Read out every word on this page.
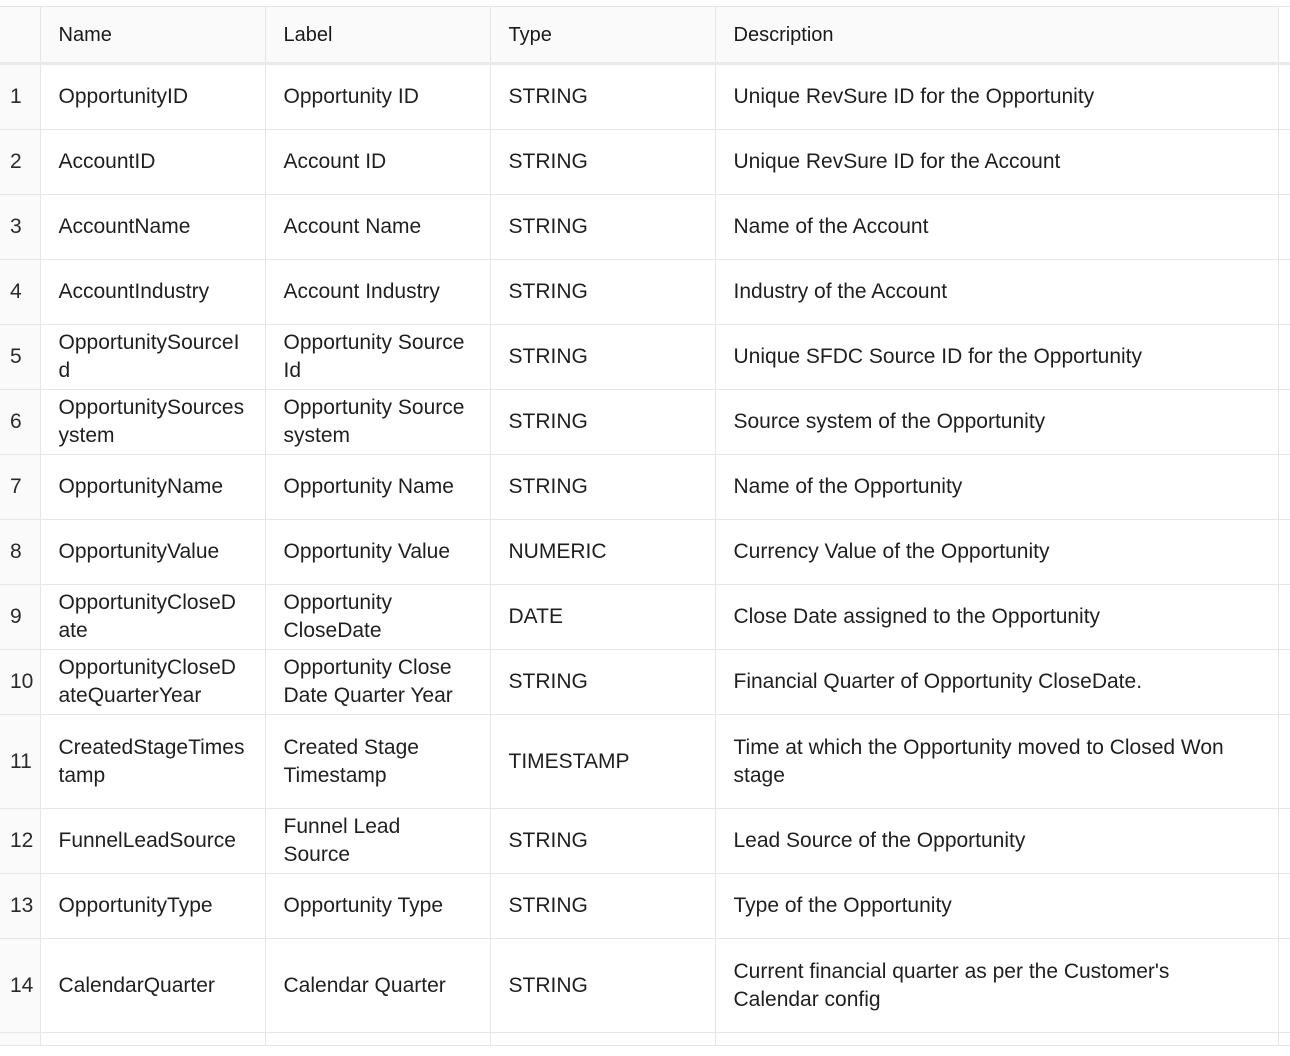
	Name	Label	Type	Description	
1	OpportunityID	Opportunity ID	STRING	Unique RevSure ID for the Opportunity	
2	AccountID	Account ID	STRING	Unique RevSure ID for the Account	
3	AccountName	Account Name	STRING	Name of the Account	
4	AccountIndustry	Account Industry	STRING	Industry of the Account	
5	OpportunitySourceId	Opportunity Source Id	STRING	Unique SFDC Source ID for the Opportunity	
6	OpportunitySourcesystem	Opportunity Source system	STRING	Source system of the Opportunity	
7	OpportunityName	Opportunity Name	STRING	Name of the Opportunity	
8	OpportunityValue	Opportunity Value	NUMERIC	Currency Value of the Opportunity	
9	OpportunityCloseDate	Opportunity CloseDate	DATE	Close Date assigned to the Opportunity	
10	OpportunityCloseDateQuarterYear	Opportunity Close Date Quarter Year	STRING	Financial Quarter of Opportunity CloseDate.	
11	CreatedStageTimestamp	Created Stage Timestamp	TIMESTAMP	Time at which the Opportunity moved to Closed Won stage	
12	FunnelLeadSource	Funnel Lead Source	STRING	Lead Source of the Opportunity	
13	OpportunityType	Opportunity Type	STRING	Type of the Opportunity	
14	CalendarQuarter	Calendar Quarter	STRING	Current financial quarter as per the Customer's Calendar config	
